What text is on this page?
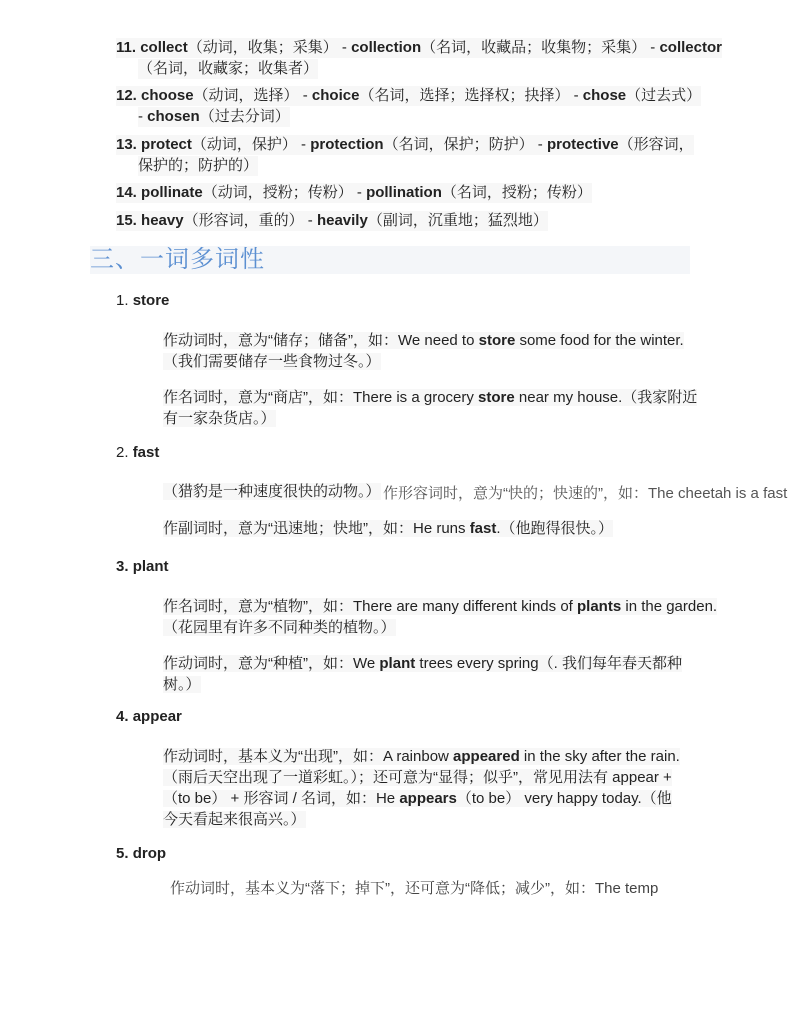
11. collect（动词，收集；采集） - collection（名词，收藏品；收集物；采集） - collector
（名词，收藏家；收集者）
12. choose（动词，选择） - choice（名词，选择；选择权；抉择） - chose（过去式）
- chosen（过去分词）
13. protect（动词，保护） - protection（名词，保护；防护） - protective（形容词，
保护的；防护的）
14. pollinate（动词，授粉；传粉） - pollination（名词，授粉；传粉）
15. heavy（形容词，重的） - heavily（副词，沉重地；猛烈地）
三、一词多词性
1. store
作动词时，意为“储存；储备”，如：We need to store some food for the winter.
（我们需要储存一些食物过冬。）
作名词时，意为“商店”，如：There is a grocery store near my house.（我家附近
有一家杂货店。）
2. fast
（猎豹是一种速度很快的动物。） 作形容词时，意为“快的；快速的”，如：The cheetah is a fast
作副词时，意为“迅速地；快地”，如：He runs fast.（他跑得很快。）
3. plant
作名词时，意为“植物”，如：There are many different kinds of plants in the garden.
（花园里有许多不同种类的植物。）
作动词时，意为“种植”，如：We plant trees every spring（. 我们每年春天都种
树。）
4. appear
作动词时，基本义为“出现”，如：A rainbow appeared in the sky after the rain.
（雨后天空出现了一道彩虹。）；还可意为“显得；似乎”，常见用法有 appear +
（to be） + 形容词 / 名词，如：He appears（to be） very happy today.（他
今天看起来很高兴。）
5. drop
作动词时，基本义为“落下；掉下”，还可意为“降低；减少”，如：The temp
